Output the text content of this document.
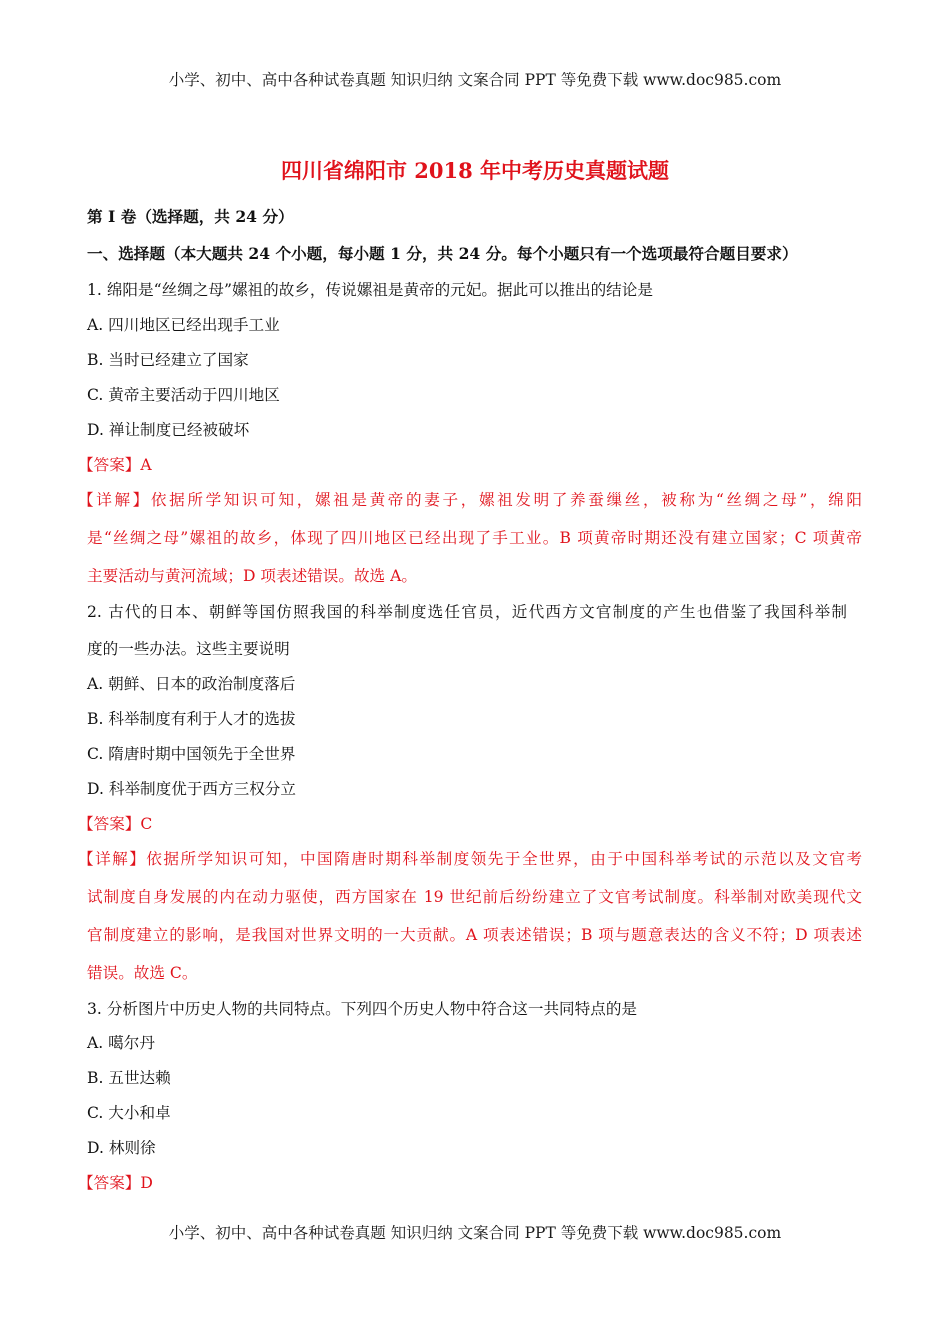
小学、初中、高中各种试卷真题 知识归纳 文案合同 PPT 等免费下载 www.doc985.com
四川省绵阳市 2018 年中考历史真题试题
第 I 卷（选择题，共 24 分）
一、选择题（本大题共 24 个小题，每小题 1 分，共 24 分。每个小题只有一个选项最符合题目要求）
1. 绵阳是“丝绸之母”嫘祖的故乡，传说嫘祖是黄帝的元妃。据此可以推出的结论是
A. 四川地区已经出现手工业
B. 当时已经建立了国家
C. 黄帝主要活动于四川地区
D. 禅让制度已经被破坏
【答案】A
【详解】依据所学知识可知，嫘祖是黄帝的妻子，嫘祖发明了养蚕缫丝，被称为“丝绸之母”，绵阳
是“丝绸之母”嫘祖的故乡，体现了四川地区已经出现了手工业。B 项黄帝时期还没有建立国家；C 项黄帝
主要活动与黄河流域；D 项表述错误。故选 A。
2. 古代的日本、朝鲜等国仿照我国的科举制度选任官员，近代西方文官制度的产生也借鉴了我国科举制
度的一些办法。这些主要说明
A. 朝鲜、日本的政治制度落后
B. 科举制度有利于人才的选拔
C. 隋唐时期中国领先于全世界
D. 科举制度优于西方三权分立
【答案】C
【详解】依据所学知识可知，中国隋唐时期科举制度领先于全世界，由于中国科举考试的示范以及文官考
试制度自身发展的内在动力驱使，西方国家在 19 世纪前后纷纷建立了文官考试制度。科举制对欧美现代文
官制度建立的影响，是我国对世界文明的一大贡献。A 项表述错误；B 项与题意表达的含义不符；D 项表述
错误。故选 C。
3. 分析图片中历史人物的共同特点。下列四个历史人物中符合这一共同特点的是
A. 噶尔丹
B. 五世达赖
C. 大小和卓
D. 林则徐
【答案】D
小学、初中、高中各种试卷真题 知识归纳 文案合同 PPT 等免费下载 www.doc985.com
